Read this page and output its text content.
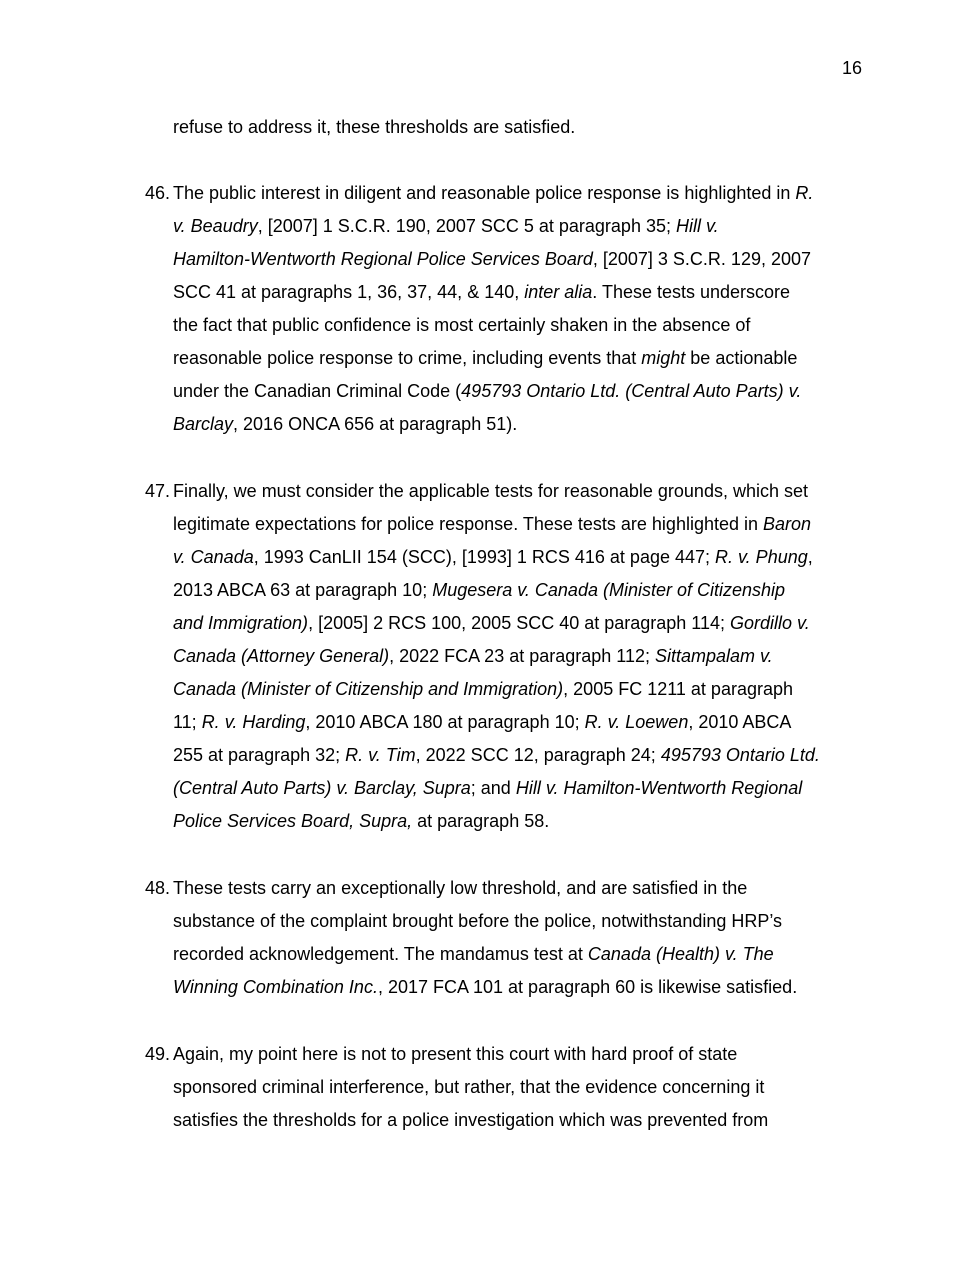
16
refuse to address it, these thresholds are satisfied.
46. The public interest in diligent and reasonable police response is highlighted in R.
v. Beaudry, [2007] 1 S.C.R. 190, 2007 SCC 5 at paragraph 35; Hill v.
Hamilton-Wentworth Regional Police Services Board, [2007] 3 S.C.R. 129, 2007
SCC 41 at paragraphs 1, 36, 37, 44, & 140, inter alia. These tests underscore
the fact that public confidence is most certainly shaken in the absence of
reasonable police response to crime, including events that might be actionable
under the Canadian Criminal Code (495793 Ontario Ltd. (Central Auto Parts) v.
Barclay, 2016 ONCA 656 at paragraph 51).
47. Finally, we must consider the applicable tests for reasonable grounds, which set
legitimate expectations for police response. These tests are highlighted in Baron
v. Canada, 1993 CanLII 154 (SCC), [1993] 1 RCS 416 at page 447; R. v. Phung,
2013 ABCA 63 at paragraph 10; Mugesera v. Canada (Minister of Citizenship
and Immigration), [2005] 2 RCS 100, 2005 SCC 40 at paragraph 114; Gordillo v.
Canada (Attorney General), 2022 FCA 23 at paragraph 112; Sittampalam v.
Canada (Minister of Citizenship and Immigration), 2005 FC 1211 at paragraph
11; R. v. Harding, 2010 ABCA 180 at paragraph 10; R. v. Loewen, 2010 ABCA
255 at paragraph 32; R. v. Tim, 2022 SCC 12, paragraph 24; 495793 Ontario Ltd.
(Central Auto Parts) v. Barclay, Supra; and Hill v. Hamilton-Wentworth Regional
Police Services Board, Supra, at paragraph 58.
48. These tests carry an exceptionally low threshold, and are satisfied in the
substance of the complaint brought before the police, notwithstanding HRP’s
recorded acknowledgement. The mandamus test at Canada (Health) v. The
Winning Combination Inc., 2017 FCA 101 at paragraph 60 is likewise satisfied.
49. Again, my point here is not to present this court with hard proof of state
sponsored criminal interference, but rather, that the evidence concerning it
satisfies the thresholds for a police investigation which was prevented from
